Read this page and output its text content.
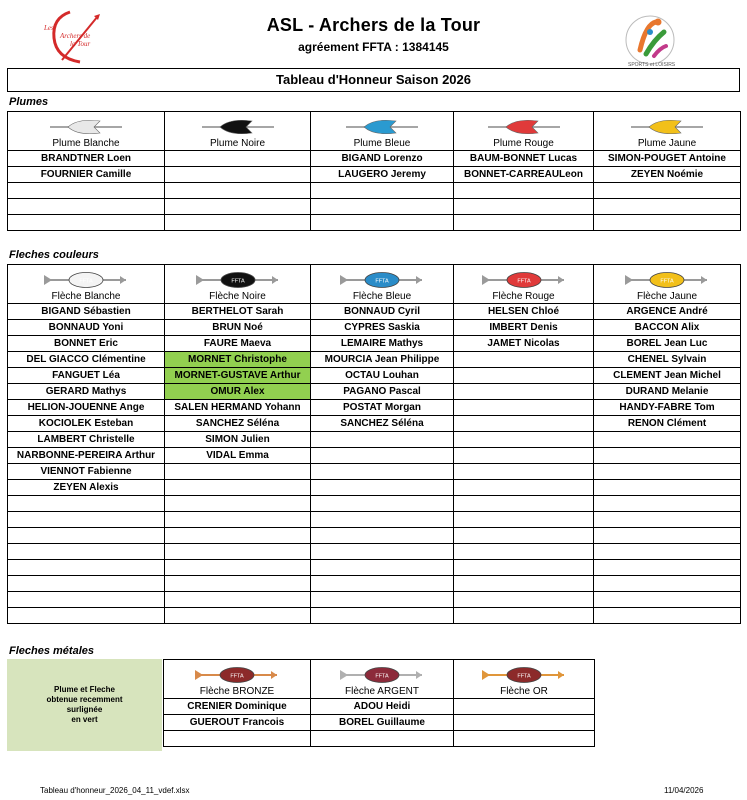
Les
Archers de
la Tour
ASL - Archers de la Tour
agréement FFTA : 1384145
SPORTS et LOISIRS
Tableau d'Honneur Saison 2026
Plumes
Plume Blanche	Plume Noire	Plume Bleue	Plume Rouge	Plume Jaune
BRANDTNER Loen		BIGAND Lorenzo	BAUM-BONNET Lucas	SIMON-POUGET Antoine
FOURNIER Camille		LAUGERO Jeremy	BONNET-CARREAULeon	ZEYEN Noémie

Fleches couleurs
FFTA
Flèche Blanche	FFTA
Flèche Noire	FFTA
Flèche Bleue	FFTA
Flèche Rouge	FFTA
Flèche Jaune
BIGAND Sébastien	BERTHELOT Sarah	BONNAUD Cyril	HELSEN Chloé	ARGENCE André
BONNAUD Yoni	BRUN Noé	CYPRES Saskia	IMBERT Denis	BACCON Alix
BONNET Eric	FAURE Maeva	LEMAIRE Mathys	JAMET Nicolas	BOREL Jean Luc
DEL GIACCO Clémentine	MORNET Christophe	MOURCIA Jean Philippe		CHENEL Sylvain
FANGUET Léa	MORNET-GUSTAVE Arthur	OCTAU Louhan		CLEMENT Jean Michel
GERARD Mathys	OMUR Alex	PAGANO Pascal		DURAND Melanie
HELION-JOUENNE Ange	SALEN HERMAND Yohann	POSTAT Morgan		HANDY-FABRE Tom
KOCIOLEK Esteban	SANCHEZ Séléna	SANCHEZ Séléna		RENON Clément
LAMBERT Christelle	SIMON Julien			
NARBONNE-PEREIRA Arthur	VIDAL Emma			
VIENNOT Fabienne				
ZEYEN Alexis				

Fleches métales
Plume et Fleche
obtenue recemment
surlignée
en vert
FFTA
Flèche BRONZE	FFTA
Flèche ARGENT	FFTA
Flèche OR
CRENIER Dominique	ADOU Heidi	
GUEROUT Francois	BOREL Guillaume	

Tableau d'honneur_2026_04_11_vdef.xlsx	11/04/2026
